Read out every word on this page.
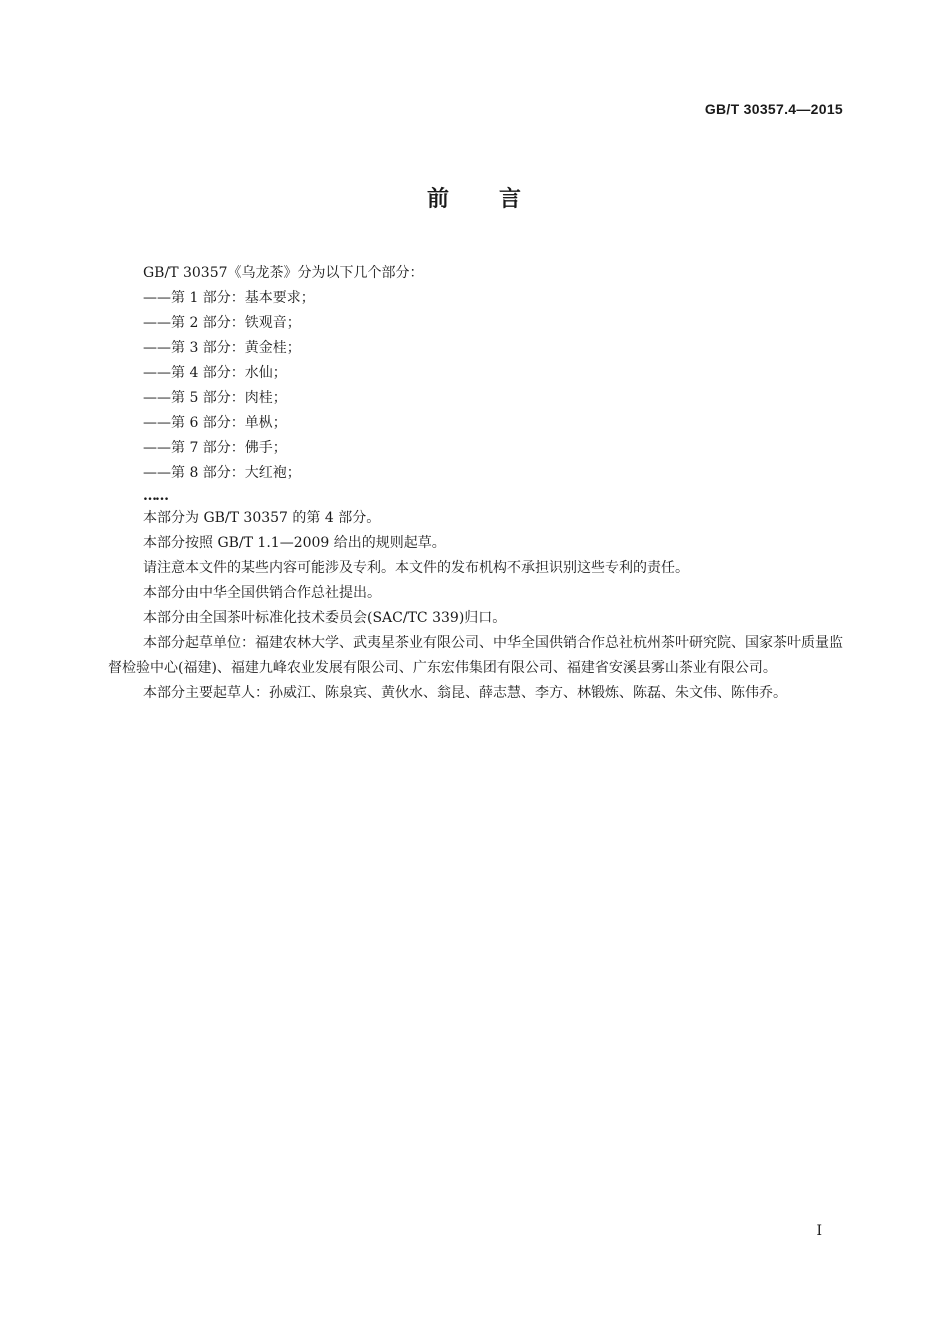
GB/T 30357.4—2015
前 言

GB/T 30357《乌龙茶》分为以下几个部分：

——第 1 部分：基本要求；
——第 2 部分：铁观音；
——第 3 部分：黄金桂；
——第 4 部分：水仙；
——第 5 部分：肉桂；
——第 6 部分：单枞；
——第 7 部分：佛手；
——第 8 部分：大红袍；
……

本部分为 GB/T 30357 的第 4 部分。

本部分按照 GB/T 1.1—2009 给出的规则起草。

请注意本文件的某些内容可能涉及专利。本文件的发布机构不承担识别这些专利的责任。

本部分由中华全国供销合作总社提出。

本部分由全国茶叶标准化技术委员会(SAC/TC 339)归口。

本部分起草单位：福建农林大学、武夷星茶业有限公司、中华全国供销合作总社杭州茶叶研究院、国家茶叶质量监督检验中心(福建)、福建九峰农业发展有限公司、广东宏伟集团有限公司、福建省安溪县雾山茶业有限公司。

本部分主要起草人：孙威江、陈泉宾、黄伙水、翁昆、薛志慧、李方、林锻炼、陈磊、朱文伟、陈伟乔。

I
